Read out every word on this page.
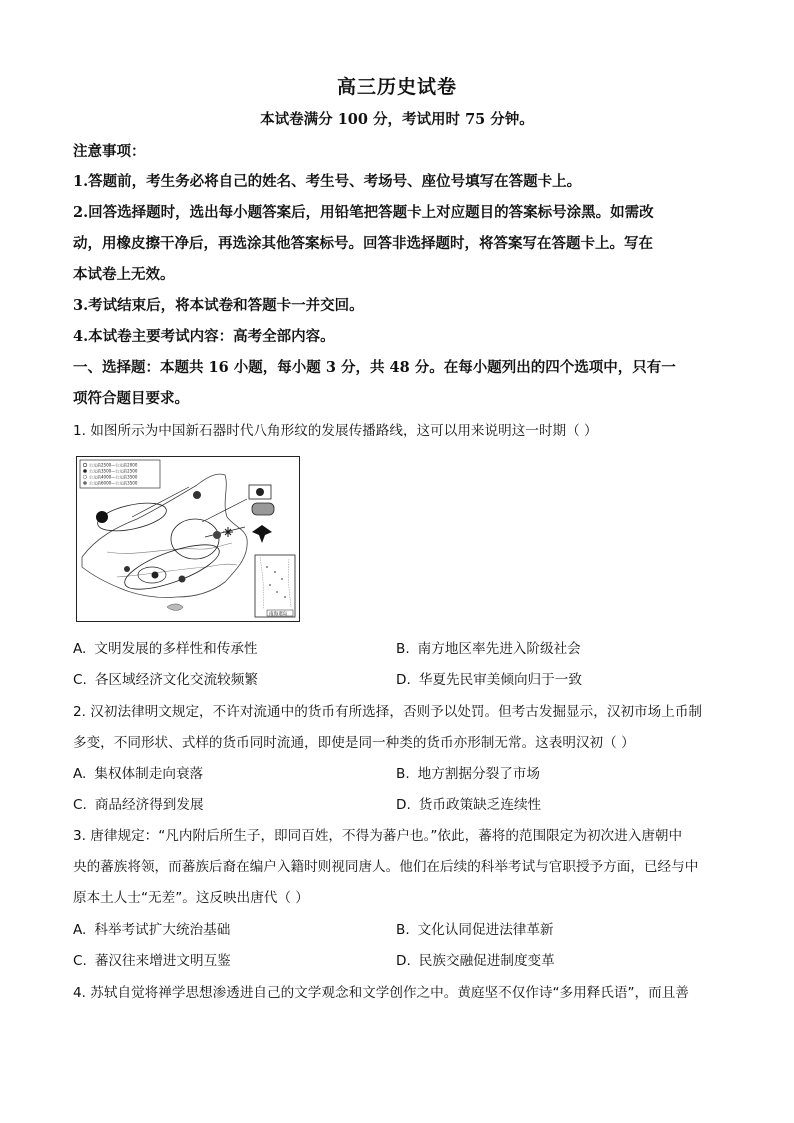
高三历史试卷
本试卷满分 100 分，考试用时 75 分钟。
注意事项：
1.答题前，考生务必将自己的姓名、考生号、考场号、座位号填写在答题卡上。
2.回答选择题时，选出每小题答案后，用铅笔把答题卡上对应题目的答案标号涂黑。如需改
动，用橡皮擦干净后，再选涂其他答案标号。回答非选择题时，将答案写在答题卡上。写在
本试卷上无效。
3.考试结束后，将本试卷和答题卡一并交回。
4.本试卷主要考试内容：高考全部内容。
一、选择题：本题共 16 小题，每小题 3 分，共 48 分。在每小题列出的四个选项中，只有一
项符合题目要求。
1. 如图所示为中国新石器时代八角形纹的发展传播路线，这可以用来说明这一时期（ ）
公元前2500—公元前2000
公元前3500—公元前2500
公元前4000—公元前3500
公元前6000—公元前3500
南海诸岛
A. 文明发展的多样性和传承性	B. 南方地区率先进入阶级社会
C. 各区域经济文化交流较频繁	D. 华夏先民审美倾向归于一致
2. 汉初法律明文规定，不许对流通中的货币有所选择，否则予以处罚。但考古发掘显示，汉初市场上币制
多变，不同形状、式样的货币同时流通，即使是同一种类的货币亦形制无常。这表明汉初（ ）
A. 集权体制走向衰落	B. 地方割据分裂了市场
C. 商品经济得到发展	D. 货币政策缺乏连续性
3. 唐律规定：“凡内附后所生子，即同百姓，不得为蕃户也。”依此，蕃将的范围限定为初次进入唐朝中
央的蕃族将领，而蕃族后裔在编户入籍时则视同唐人。他们在后续的科举考试与官职授予方面，已经与中
原本土人士“无差”。这反映出唐代（ ）
A. 科举考试扩大统治基础	B. 文化认同促进法律革新
C. 蕃汉往来增进文明互鉴	D. 民族交融促进制度变革
4. 苏轼自觉将禅学思想渗透进自己的文学观念和文学创作之中。黄庭坚不仅作诗“多用释氏语”，而且善
